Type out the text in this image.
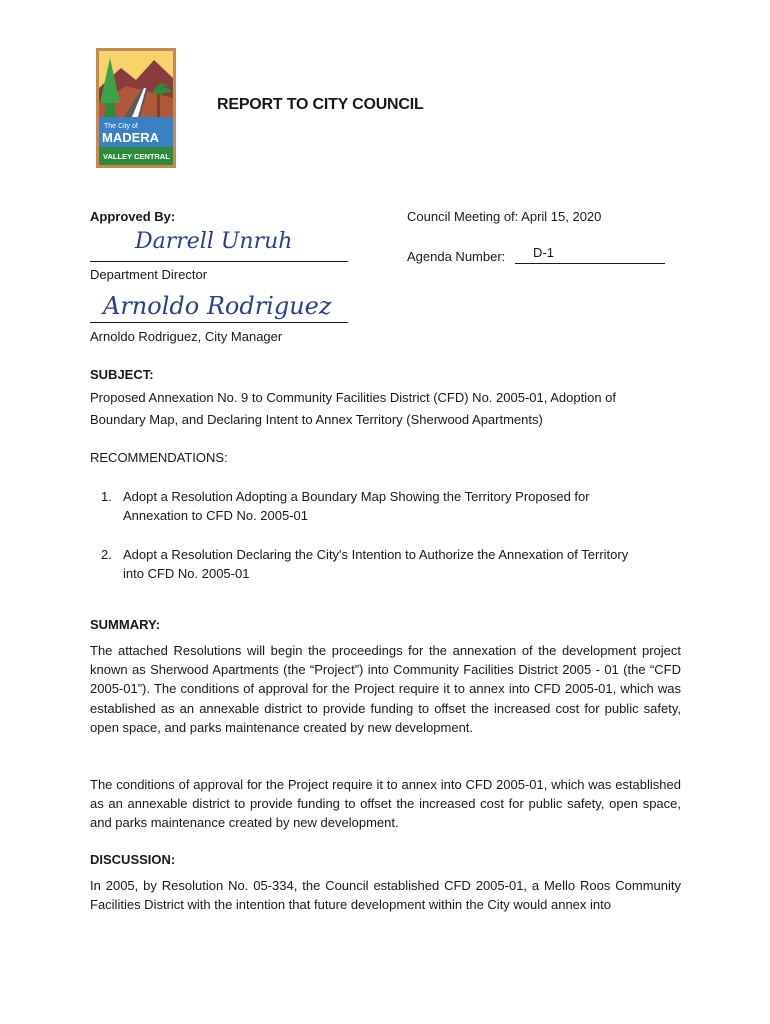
The City of
MADERA
VALLEY CENTRAL
REPORT TO CITY COUNCIL
Approved By:	Council Meeting of: April 15, 2020
Darrell Unruh
Agenda Number: D-1
Department Director
Arnoldo Rodriguez
Arnoldo Rodriguez, City Manager
SUBJECT:
Proposed Annexation No. 9 to Community Facilities District (CFD) No. 2005-01, Adoption of
Boundary Map, and Declaring Intent to Annex Territory (Sherwood Apartments)
RECOMMENDATIONS:
1. Adopt a Resolution Adopting a Boundary Map Showing the Territory Proposed for
Annexation to CFD No. 2005-01
2. Adopt a Resolution Declaring the City's Intention to Authorize the Annexation of Territory
into CFD No. 2005-01
SUMMARY:
The attached Resolutions will begin the proceedings for the annexation of the development project known as Sherwood Apartments (the “Project”) into Community Facilities District 2005 - 01 (the “CFD 2005-01”). The conditions of approval for the Project require it to annex into CFD 2005-01, which was established as an annexable district to provide funding to offset the increased cost for public safety, open space, and parks maintenance created by new development.
The conditions of approval for the Project require it to annex into CFD 2005-01, which was established as an annexable district to provide funding to offset the increased cost for public safety, open space, and parks maintenance created by new development.
DISCUSSION:
In 2005, by Resolution No. 05-334, the Council established CFD 2005-01, a Mello Roos Community Facilities District with the intention that future development within the City would annex into
